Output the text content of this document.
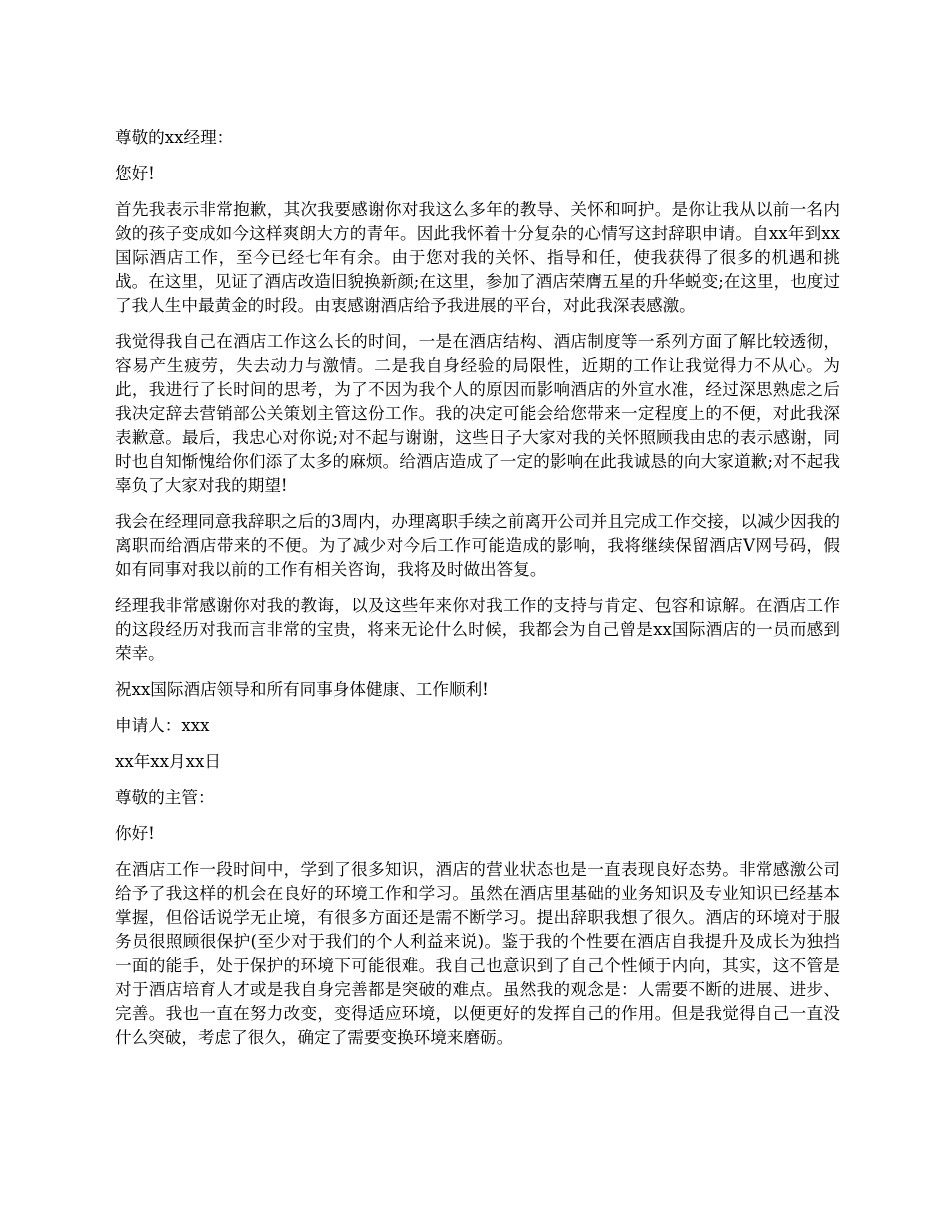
尊敬的xx经理：

您好!

首先我表示非常抱歉，其次我要感谢你对我这么多年的教导、关怀和呵护。是你让我从以前一名内敛的孩子变成如今这样爽朗大方的青年。因此我怀着十分复杂的心情写这封辞职申请。自xx年到xx国际酒店工作，至今已经七年有余。由于您对我的关怀、指导和任，使我获得了很多的机遇和挑战。在这里，见证了酒店改造旧貌换新颜;在这里，参加了酒店荣膺五星的升华蜕变;在这里，也度过了我人生中最黄金的时段。由衷感谢酒店给予我进展的平台，对此我深表感激。

我觉得我自己在酒店工作这么长的时间，一是在酒店结构、酒店制度等一系列方面了解比较透彻，容易产生疲劳，失去动力与激情。二是我自身经验的局限性，近期的工作让我觉得力不从心。为此，我进行了长时间的思考，为了不因为我个人的原因而影响酒店的外宣水准，经过深思熟虑之后我决定辞去营销部公关策划主管这份工作。我的决定可能会给您带来一定程度上的不便，对此我深表歉意。最后，我忠心对你说;对不起与谢谢，这些日子大家对我的关怀照顾我由忠的表示感谢，同时也自知惭愧给你们添了太多的麻烦。给酒店造成了一定的影响在此我诚恳的向大家道歉;对不起我辜负了大家对我的期望!

我会在经理同意我辞职之后的3周内，办理离职手续之前离开公司并且完成工作交接，以减少因我的离职而给酒店带来的不便。为了减少对今后工作可能造成的影响，我将继续保留酒店V网号码，假如有同事对我以前的工作有相关咨询，我将及时做出答复。

经理我非常感谢你对我的教诲，以及这些年来你对我工作的支持与肯定、包容和谅解。在酒店工作的这段经历对我而言非常的宝贵，将来无论什么时候，我都会为自己曾是xx国际酒店的一员而感到荣幸。

祝xx国际酒店领导和所有同事身体健康、工作顺利!

申请人：xxx

xx年xx月xx日

尊敬的主管：

你好!

在酒店工作一段时间中，学到了很多知识，酒店的营业状态也是一直表现良好态势。非常感激公司给予了我这样的机会在良好的环境工作和学习。虽然在酒店里基础的业务知识及专业知识已经基本掌握，但俗话说学无止境，有很多方面还是需不断学习。提出辞职我想了很久。酒店的环境对于服务员很照顾很保护(至少对于我们的个人利益来说)。鉴于我的个性要在酒店自我提升及成长为独挡一面的能手，处于保护的环境下可能很难。我自己也意识到了自己个性倾于内向，其实，这不管是对于酒店培育人才或是我自身完善都是突破的难点。虽然我的观念是：人需要不断的进展、进步、完善。我也一直在努力改变，变得适应环境，以便更好的发挥自己的作用。但是我觉得自己一直没什么突破，考虑了很久，确定了需要变换环境来磨砺。
